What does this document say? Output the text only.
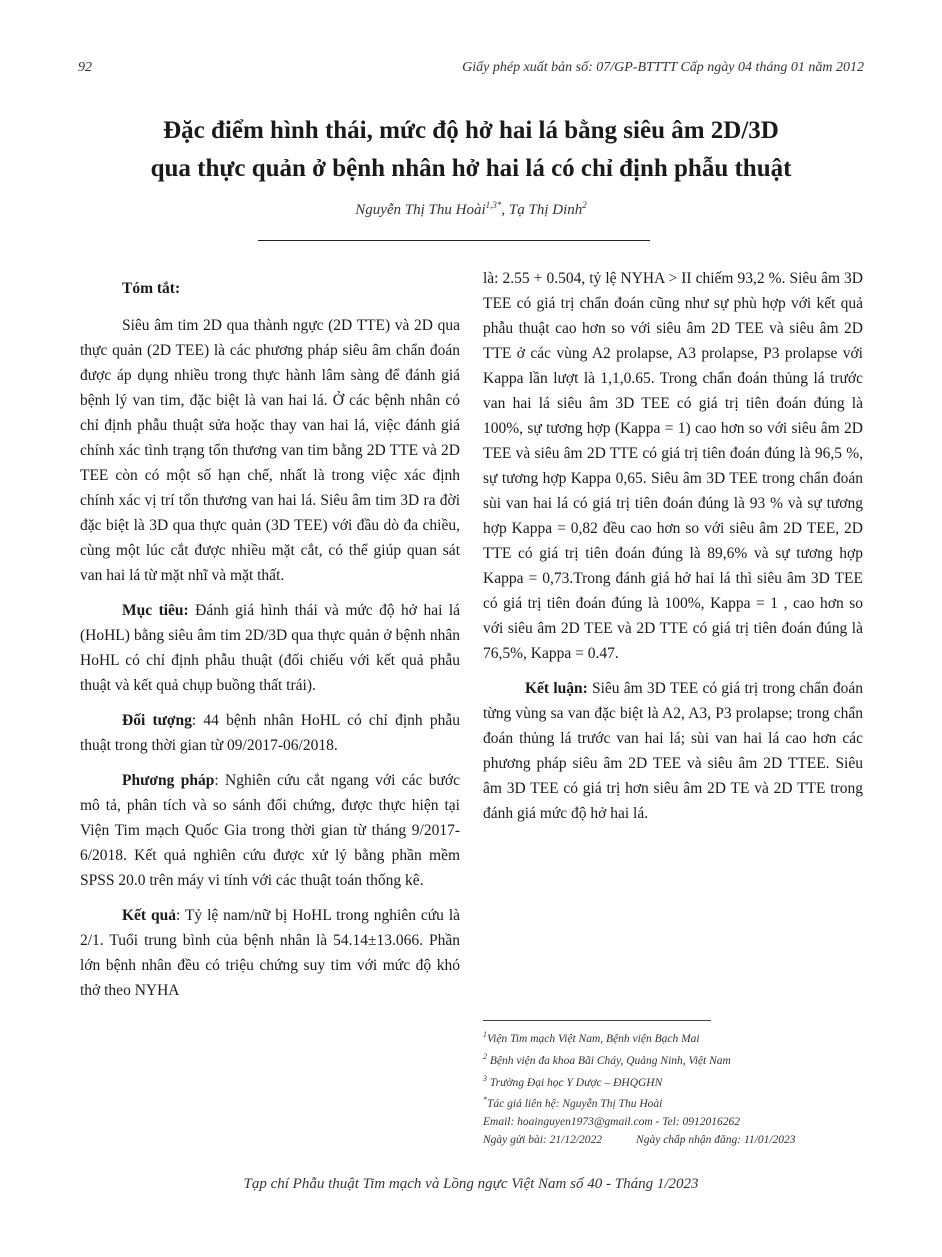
92	Giấy phép xuất bản số: 07/GP-BTTTT Cấp ngày 04 tháng 01 năm 2012
Đặc điểm hình thái, mức độ hở hai lá bằng siêu âm 2D/3D
qua thực quản ở bệnh nhân hở hai lá có chỉ định phẫu thuật
Nguyễn Thị Thu Hoài$^{1,3*}$, Tạ Thị Dinh$^2$
Tóm tắt:

Siêu âm tim 2D qua thành ngực (2D TTE) và 2D qua thực quản (2D TEE) là các phương pháp siêu âm chẩn đoán được áp dụng nhiều trong thực hành lâm sàng để đánh giá bệnh lý van tim, đặc biệt là van hai lá. Ở các bệnh nhân có chỉ định phẫu thuật sửa hoặc thay van hai lá, việc đánh giá chính xác tình trạng tổn thương van tim bằng 2D TTE và 2D TEE còn có một số hạn chế, nhất là trong việc xác định chính xác vị trí tổn thương van hai lá. Siêu âm tim 3D ra đời đặc biệt là 3D qua thực quản (3D TEE) với đầu dò đa chiều, cùng một lúc cắt được nhiều mặt cắt, có thể giúp quan sát van hai lá từ mặt nhĩ và mặt thất.

Mục tiêu: Đánh giá hình thái và mức độ hở hai lá (HoHL) bằng siêu âm tim 2D/3D qua thực quản ở bệnh nhân HoHL có chỉ định phẫu thuật (đối chiếu với kết quả phẫu thuật và kết quả chụp buồng thất trái).

Đối tượng: 44 bệnh nhân HoHL có chỉ định phẫu thuật trong thời gian từ 09/2017-06/2018.

Phương pháp: Nghiên cứu cắt ngang với các bước mô tả, phân tích và so sánh đối chứng, được thực hiện tại Viện Tim mạch Quốc Gia trong thời gian từ tháng 9/2017- 6/2018. Kết quả nghiên cứu được xử lý bằng phần mềm SPSS 20.0 trên máy vi tính với các thuật toán thống kê.

Kết quả: Tỷ lệ nam/nữ bị HoHL trong nghiên cứu là 2/1. Tuổi trung bình của bệnh nhân là 54.14±13.066. Phần lớn bệnh nhân đều có triệu chứng suy tim với mức độ khó thở theo NYHA

là: 2.55 + 0.504, tỷ lệ NYHA > II chiếm 93,2 %. Siêu âm 3D TEE có giá trị chẩn đoán cũng như sự phù hợp với kết quả phẫu thuật cao hơn so với siêu âm 2D TEE và siêu âm 2D TTE ở các vùng A2 prolapse, A3 prolapse, P3 prolapse với Kappa lần lượt là 1,1,0.65. Trong chẩn đoán thủng lá trước van hai lá siêu âm 3D TEE có giá trị tiên đoán đúng là 100%, sự tương hợp (Kappa = 1) cao hơn so với siêu âm 2D TEE và siêu âm 2D TTE có giá trị tiên đoán đúng là 96,5 %, sự tương hợp Kappa 0,65. Siêu âm 3D TEE trong chẩn đoán sùi van hai lá có giá trị tiên đoán đúng là 93 % và sự tương hợp Kappa = 0,82 đều cao hơn so với siêu âm 2D TEE, 2D TTE có giá trị tiên đoán đúng là 89,6% và sự tương hợp Kappa = 0,73.Trong đánh giá hở hai lá thì siêu âm 3D TEE có giá trị tiên đoán đúng là 100%, Kappa = 1 , cao hơn so với siêu âm 2D TEE và 2D TTE có giá trị tiên đoán đúng là 76,5%, Kappa = 0.47.

Kết luận: Siêu âm 3D TEE có giá trị trong chẩn đoán từng vùng sa van đặc biệt là A2, A3, P3 prolapse; trong chẩn đoán thủng lá trước van hai lá; sùi van hai lá cao hơn các phương pháp siêu âm 2D TEE và siêu âm 2D TTEE. Siêu âm 3D TEE có giá trị hơn siêu âm 2D TE và 2D TTE trong đánh giá mức độ hở hai lá.

$^1$Viện Tim mạch Việt Nam, Bệnh viện Bạch Mai
$^2$ Bệnh viện đa khoa Bãi Cháy, Quảng Ninh, Việt Nam
$^3$ Trường Đại học Y Dược – ĐHQGHN
*Tác giả liên hệ: Nguyễn Thị Thu Hoài
Email: hoainguyen1973@gmail.com - Tel: 0912016262
Ngày gửi bài: 21/12/2022	Ngày chấp nhận đăng: 11/01/2023
Tạp chí Phẫu thuật Tim mạch và Lồng ngực Việt Nam số 40 - Tháng 1/2023
